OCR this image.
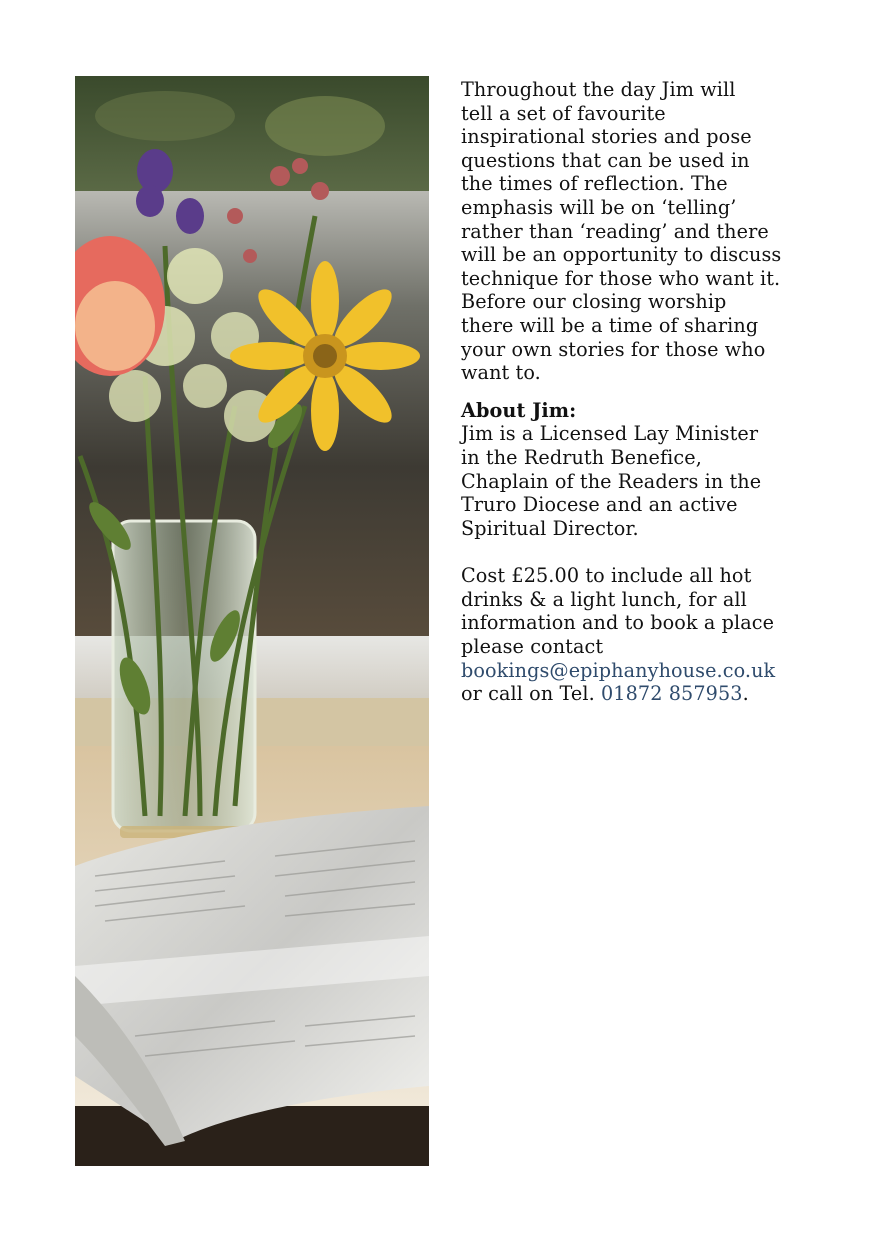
Throughout the day Jim will
tell a set of favourite
inspirational stories and pose
questions that can be used in
the times of reflection. The
emphasis will be on ‘telling’
rather than ‘reading’ and there
will be an opportunity to discuss
technique for those who want it.
Before our closing worship
there will be a time of sharing
your own stories for those who
want to.

About Jim:

Jim is a Licensed Lay Minister
in the Redruth Benefice,
Chaplain of the Readers in the
Truro Diocese and an active
Spiritual Director.

Cost £25.00 to include all hot
drinks & a light lunch, for all
information and to book a place
please contact
bookings@epiphanyhouse.co.uk
or call on Tel. 01872 857953.
